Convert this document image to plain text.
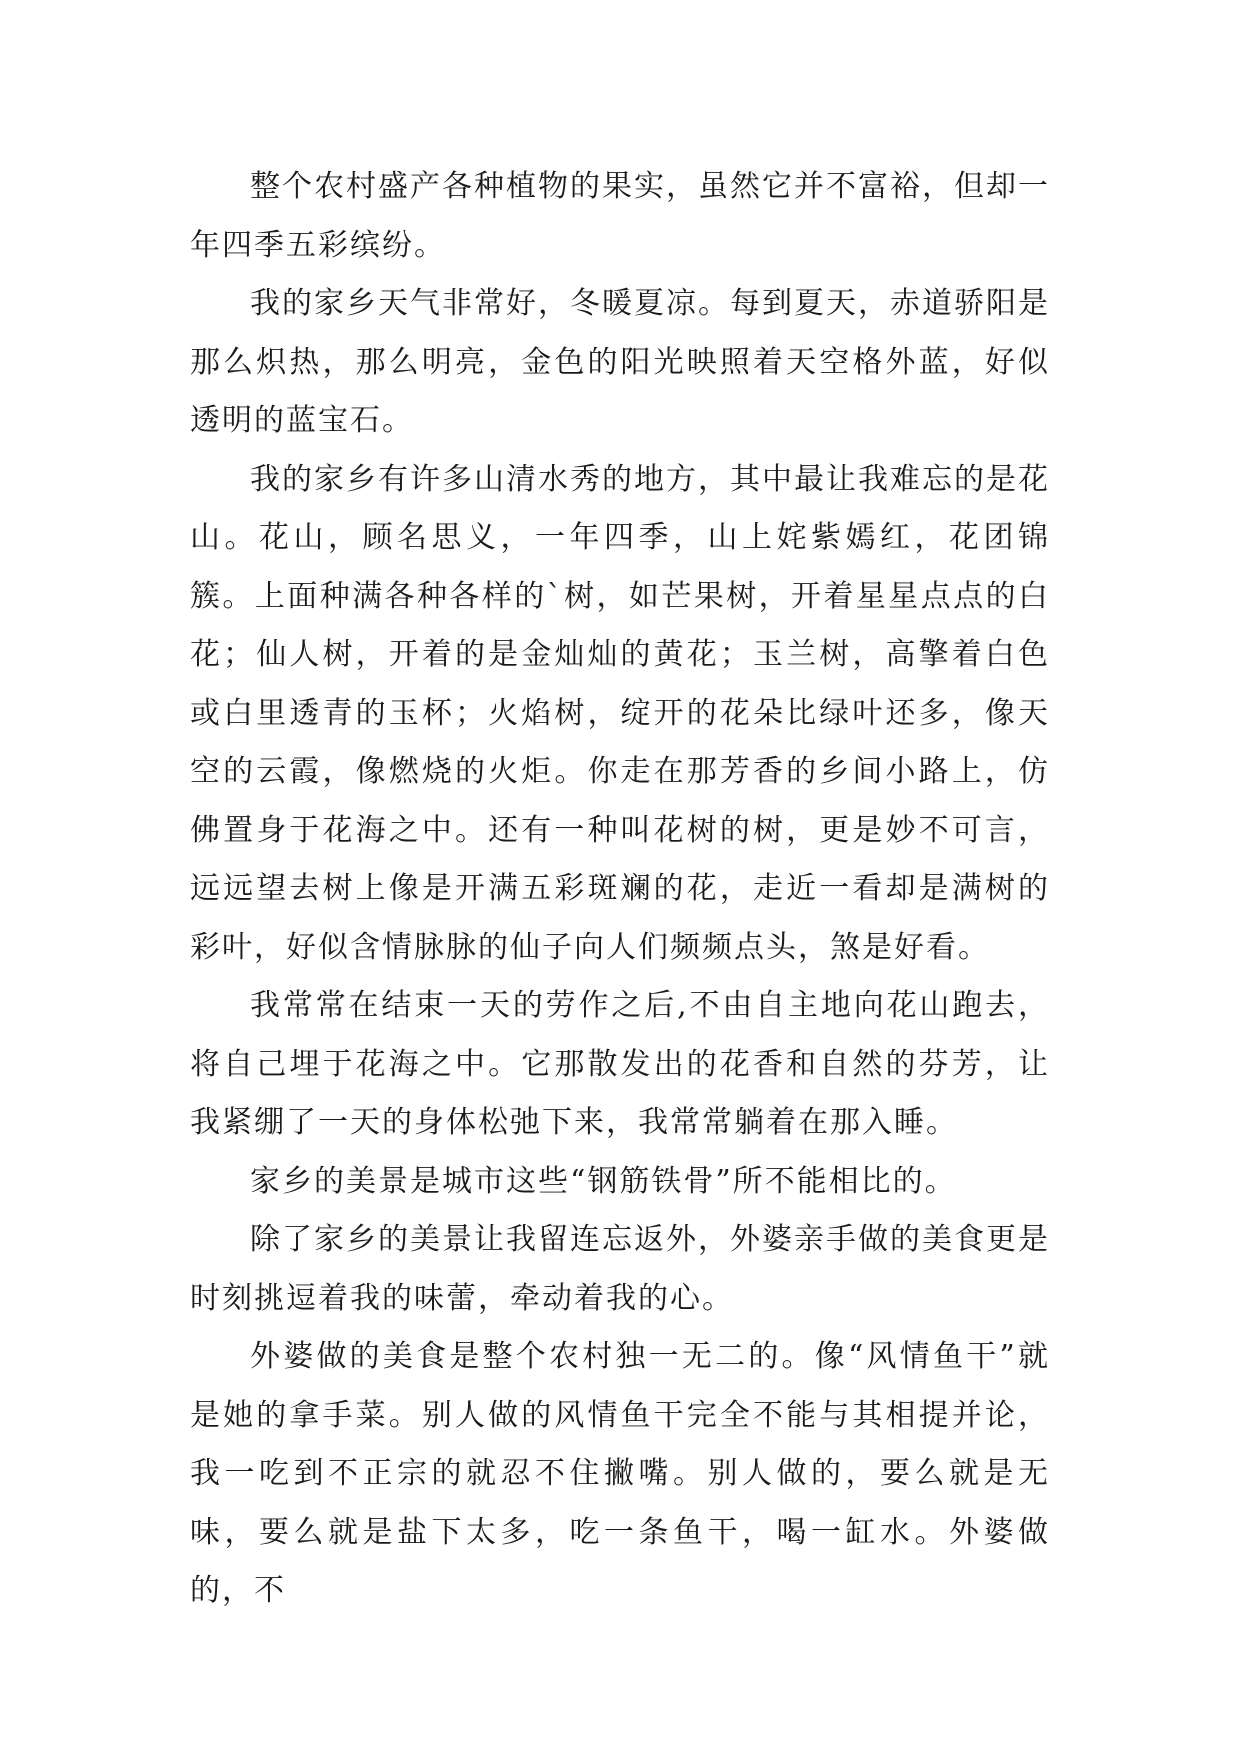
整个农村盛产各种植物的果实，虽然它并不富裕，但却一年四季五彩缤纷。

我的家乡天气非常好，冬暖夏凉。每到夏天，赤道骄阳是那么炽热，那么明亮，金色的阳光映照着天空格外蓝，好似透明的蓝宝石。

我的家乡有许多山清水秀的地方，其中最让我难忘的是花山。花山，顾名思义，一年四季，山上姹紫嫣红，花团锦簇。上面种满各种各样的`树，如芒果树，开着星星点点的白花；仙人树，开着的是金灿灿的黄花；玉兰树，高擎着白色或白里透青的玉杯；火焰树，绽开的花朵比绿叶还多，像天空的云霞，像燃烧的火炬。你走在那芳香的乡间小路上，仿佛置身于花海之中。还有一种叫花树的树，更是妙不可言，远远望去树上像是开满五彩斑斓的花，走近一看却是满树的彩叶，好似含情脉脉的仙子向人们频频点头，煞是好看。

我常常在结束一天的劳作之后,不由自主地向花山跑去，将自己埋于花海之中。它那散发出的花香和自然的芬芳，让我紧绷了一天的身体松弛下来，我常常躺着在那入睡。

家乡的美景是城市这些“钢筋铁骨”所不能相比的。

除了家乡的美景让我留连忘返外，外婆亲手做的美食更是时刻挑逗着我的味蕾，牵动着我的心。

外婆做的美食是整个农村独一无二的。像“风情鱼干”就是她的拿手菜。别人做的风情鱼干完全不能与其相提并论，我一吃到不正宗的就忍不住撇嘴。别人做的，要么就是无味，要么就是盐下太多，吃一条鱼干，喝一缸水。外婆做的，不
